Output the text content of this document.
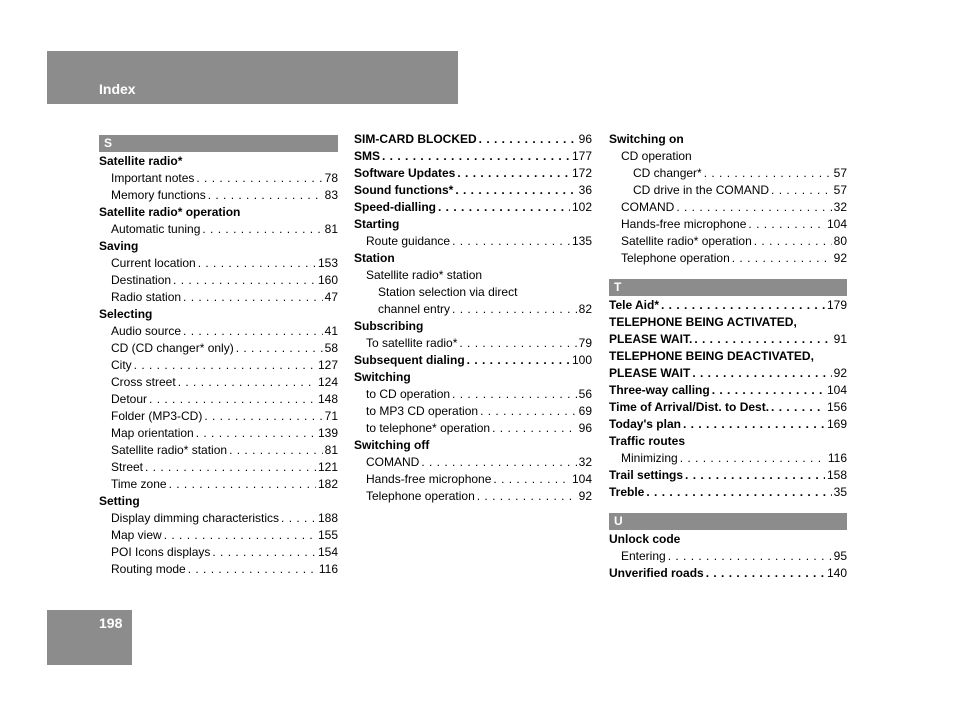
Index
S
Satellite radio*
Important notes . . .	78
Memory functions . . .	83
Satellite radio* operation
Automatic tuning . . .	81
Saving
Current location . . .	153
Destination . . .	160
Radio station . . .	47
Selecting
Audio source . . .	41
CD (CD changer* only) . . .	58
City . . .	127
Cross street . . .	124
Detour . . .	148
Folder (MP3-CD) . . .	71
Map orientation . . .	139
Satellite radio* station . . .	81
Street . . .	121
Time zone . . .	182
Setting
Display dimming characteristics . . .	188
Map view . . .	155
POI Icons displays . . .	154
Routing mode . . .	116
SIM-CARD BLOCKED . . .	96
SMS . . .	177
Software Updates . . .	172
Sound functions* . . .	36
Speed-dialling . . .	102
Starting
Route guidance . . .	135
Station
Satellite radio* station
Station selection via direct
channel entry . . .	82
Subscribing
To satellite radio* . . .	79
Subsequent dialing . . .	100
Switching
to CD operation . . .	56
to MP3 CD operation . . .	69
to telephone* operation . . .	96
Switching off
COMAND . . .	32
Hands-free microphone . . .	104
Telephone operation . . .	92
Switching on
CD operation
CD changer* . . .	57
CD drive in the COMAND . . .	57
COMAND . . .	32
Hands-free microphone . . .	104
Satellite radio* operation . . .	80
Telephone operation . . .	92
T
Tele Aid* . . .	179
TELEPHONE BEING ACTIVATED,
PLEASE WAIT. . . .	91
TELEPHONE BEING DEACTIVATED,
PLEASE WAIT . . .	92
Three-way calling . . .	104
Time of Arrival/Dist. to Dest. . . .	156
Today's plan . . .	169
Traffic routes
Minimizing . . .	116
Trail settings . . .	158
Treble . . .	35
U
Unlock code
Entering . . .	95
Unverified roads . . .	140
198
